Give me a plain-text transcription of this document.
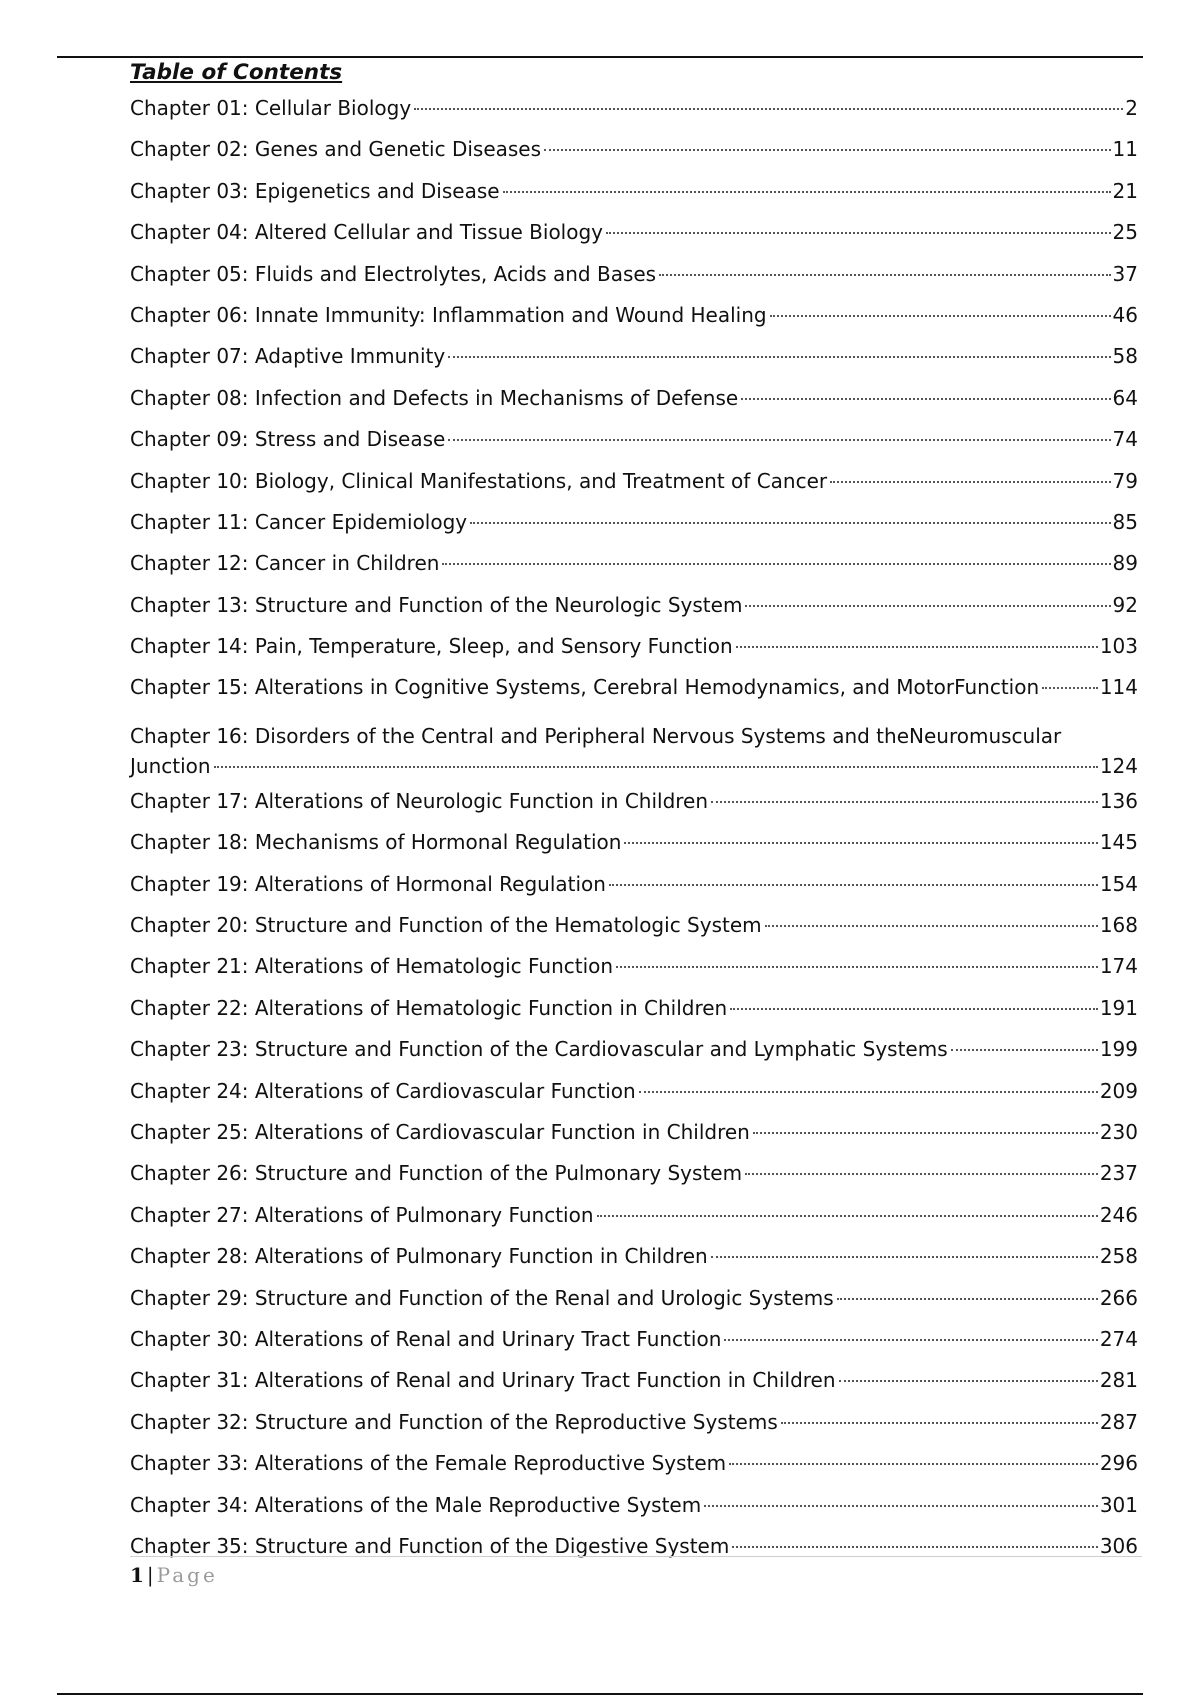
Table of Contents
Chapter 01: Cellular Biology	2
Chapter 02: Genes and Genetic Diseases	11
Chapter 03: Epigenetics and Disease	21
Chapter 04: Altered Cellular and Tissue Biology	25
Chapter 05: Fluids and Electrolytes, Acids and Bases	37
Chapter 06: Innate Immunity: Inflammation and Wound Healing	46
Chapter 07: Adaptive Immunity	58
Chapter 08: Infection and Defects in Mechanisms of Defense	64
Chapter 09: Stress and Disease	74
Chapter 10: Biology, Clinical Manifestations, and Treatment of Cancer	79
Chapter 11: Cancer Epidemiology	85
Chapter 12: Cancer in Children	89
Chapter 13: Structure and Function of the Neurologic System	92
Chapter 14: Pain, Temperature, Sleep, and Sensory Function	103
Chapter 15: Alterations in Cognitive Systems, Cerebral Hemodynamics, and MotorFunction	114
Chapter 16: Disorders of the Central and Peripheral Nervous Systems and theNeuromuscular
Junction	124
Chapter 17: Alterations of Neurologic Function in Children	136
Chapter 18: Mechanisms of Hormonal Regulation	145
Chapter 19: Alterations of Hormonal Regulation	154
Chapter 20: Structure and Function of the Hematologic System	168
Chapter 21: Alterations of Hematologic Function	174
Chapter 22: Alterations of Hematologic Function in Children	191
Chapter 23: Structure and Function of the Cardiovascular and Lymphatic Systems	199
Chapter 24: Alterations of Cardiovascular Function	209
Chapter 25: Alterations of Cardiovascular Function in Children	230
Chapter 26: Structure and Function of the Pulmonary System	237
Chapter 27: Alterations of Pulmonary Function	246
Chapter 28: Alterations of Pulmonary Function in Children	258
Chapter 29: Structure and Function of the Renal and Urologic Systems	266
Chapter 30: Alterations of Renal and Urinary Tract Function	274
Chapter 31: Alterations of Renal and Urinary Tract Function in Children	281
Chapter 32: Structure and Function of the Reproductive Systems	287
Chapter 33: Alterations of the Female Reproductive System	296
Chapter 34: Alterations of the Male Reproductive System	301
Chapter 35: Structure and Function of the Digestive System	306
1 | Page
